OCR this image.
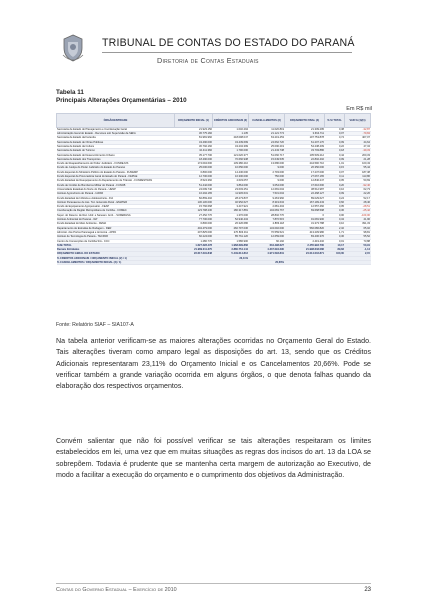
TRIBUNAL DE CONTAS DO ESTADO DO PARANÁ
Diretoria de Contas Estaduais
Tabela 11
Principais Alterações Orçamentárias – 2010
Em R$ mil
ÓRGÃO/ENTIDADE	ORÇAMENTO INICIAL (1)	CRÉDITOS ADICIONAIS (2)	CANCELA-MENTOS (3)	ORÇAMENTO FINAL (4)	% S/ TOTAL	VAR.% (4)/(1)
Secretaria de Estado do Planejamento e Coordenação Geral	21.923.150	1.040.294	11.020.819	21.309.295	0,38	-32,87
Administração Geral do Estado - Recursos sob Supervisão da SEFA	36.775.182	1.135	21.121.774	3.664.711	0,07	-79,84
Secretaria de Estado da Fazenda	81.981.960	218.098.047	63.219.453	197.753.878	0,74	407,07
Secretaria de Estado de Obras Públicas	43.490.000	43.439.699	24.662.720	61.207.170	0,09	44,64
Secretaria de Estado da Cultura	30.792.160	43.204.399	25.090.219	54.238.409	0,22	47,34
Secretaria de Estado do Turismo	10.411.382	1.790.000	21.443.738	33.793.886	0,18	-39,33
Secretaria de Estado do Desenvolvimento Urbano	35.177.700	121.020.377	51.060.717	105.539.212	0,44	200,33
Secretaria de Estado dos Transportes	18.490.000	70.660.938	15.649.535	22.802.402	0,09	21,28
Fundo de Reaparelhamento do Poder Judiciário - FUNREJUS	174.094.600	139.380.210	13.680.000	244.590.710	1,01	100,43
Fundo de Justiça do Poder Judiciário do Estado do Paraná	25.000.000	10.650.000	9.000	26.350.000	0,15	55,44
Fundo Especial do Ministério Público do Estado do Paraná - FUNEMP	6.800.000	14.430.000	2.793.000	17.237.000	0,07	187,38
Fundo Especial da Procuradoria Geral do Estado do Paraná - FEPGE	12.700.000	16.300.000	750.000	27.067.165	0,11	113,86
Fundo Estadual de Reequipamento do Departamento de Trânsito - FUNRESTRAN	8.524.360	4.633.057	9.000	12.846.247	0,05	50,69
Fundo de Crédito de Bombeiros Militar do Paraná - FUNCB	51.442.000	3.864.000	3.054.000	47.616.600	0,20	-92,46
Universidade Estadual do Norte do Paraná - UENP	24.099.740	23.603.251	12.681.004	38.512.987	0,16	62,73
Instituto Agronômico do Paraná - IAPAR	16.294.165	11.945.631	7.531.004	22.468.127	0,09	22,26
Fundo Estadual de Infância e Adolescência - FIA	82.869.402	28.273.837	9.263.960	89.029.627	0,24	52,17
Instituto Paranaense de Ass. Téc. Extensão Rural - EMATER	130.130.000	40.952.627	8.319.634	167.199.443	0,66	28,46
Fundo de Equipamento Agropecuário - FEAP	15.766.668	3.447.921	2.681.404	12.557.460	0,05	-28,51
Coordenação da Região Metropolitana de Curitiba - COMEC	123.798.230	180.317.881	104.069.767	69.668.598	0,36	-25,42
Super. do Desenv. de Rec. Hídr. e Saneam. Amb. - SUDERHSA	27.452.770	1.370.000	28.802.770	0	0,00	-100,00
Instituto Ambiental do Paraná - IAP	77.700.000	52.940.434	7.870.515	91.081.900	0,34	41,96
Fundo Estadual do Meio Ambiente - FEMA	6.800.000	26.326.686	2.883.118	31.373.788	0,10	391,33
Departamento de Estradas de Rodagem - DER	404.479.000	260.797.036	134.092.000	566.086.820	2,32	65,02
Administ. dos Portos Paranaguá e Antonina - APPA	207.825.000	270.803.311	70.559.521	413.239.980	1,71	98,81
Instituto de Tecnologia do Paraná - TECPAR	60.224.000	85.761.120	12.659.000	83.406.376	0,36	55,52
Centro de Convenções de Curitiba S/A - CCC	1.280.770	1.586.900	60.192	2.419.432	0,01	73,88
SUB-TOTAL	1.627.228.478	1.968.699.866	634.498.627	2.455.993.700	10,17	50,91
Demais Entidades	21.989.011.370	3.880.754.144	4.337.094.290	21.998.633.086	89,83	-1,14
ORÇAMENTO GERAL DO ESTADO	23.617.291.848	5.449.614.812	4.971.593.831	24.014.016.871	100,00	2,15
% CRÉDITOS ADICIONAIS / ORÇAMENTO INICIAL (2) / 1)		23,11%				
% CANCELAMENTOS / ORÇAMENTO INICIAL (3) / 1)			20,66%			
Fonte: Relatório SIAF – SIA107-A

Na tabela anterior verificam-se as maiores alterações ocorridas no Orçamento Geral do Estado. Tais alterações tiveram como amparo legal as disposições do art. 13, sendo que os Créditos Adicionais representaram 23,11% do Orçamento Inicial e os Cancelamentos 20,66%. Pode se verificar também a grande variação ocorrida em alguns órgãos, o que denota falhas quando da elaboração dos respectivos orçamentos.

Convém salientar que não foi possível verificar se tais alterações respeitaram os limites estabelecidos em lei, uma vez que em muitas situações as regras dos incisos do art. 13 da LOA se sobrepõem. Todavia é prudente que se mantenha certa margem de autorização ao Executivo, de modo a facilitar a execução do orçamento e o cumprimento dos objetivos da Administração.

Contas do Governo Estadual – Exercício de 2010	23
